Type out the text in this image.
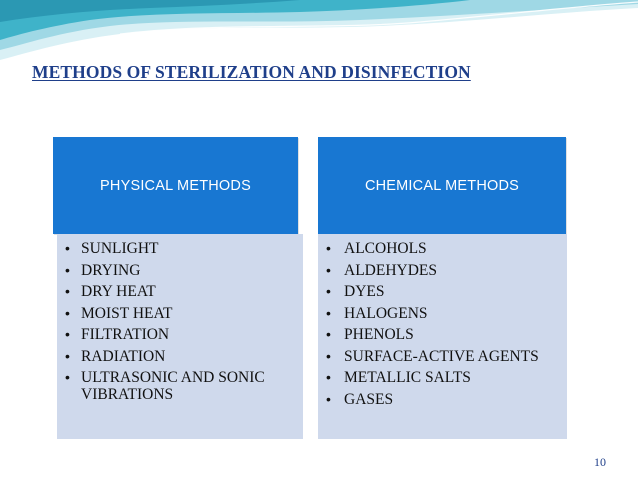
METHODS OF STERILIZATION AND DISINFECTION
PHYSICAL METHODS	CHEMICAL METHODS
• SUNLIGHT
• DRYING
• DRY HEAT
• MOIST HEAT
• FILTRATION
• RADIATION
• ULTRASONIC AND SONIC VIBRATIONS
• ALCOHOLS
• ALDEHYDES
• DYES
• HALOGENS
• PHENOLS
• SURFACE-ACTIVE AGENTS
• METALLIC SALTS
• GASES
10
